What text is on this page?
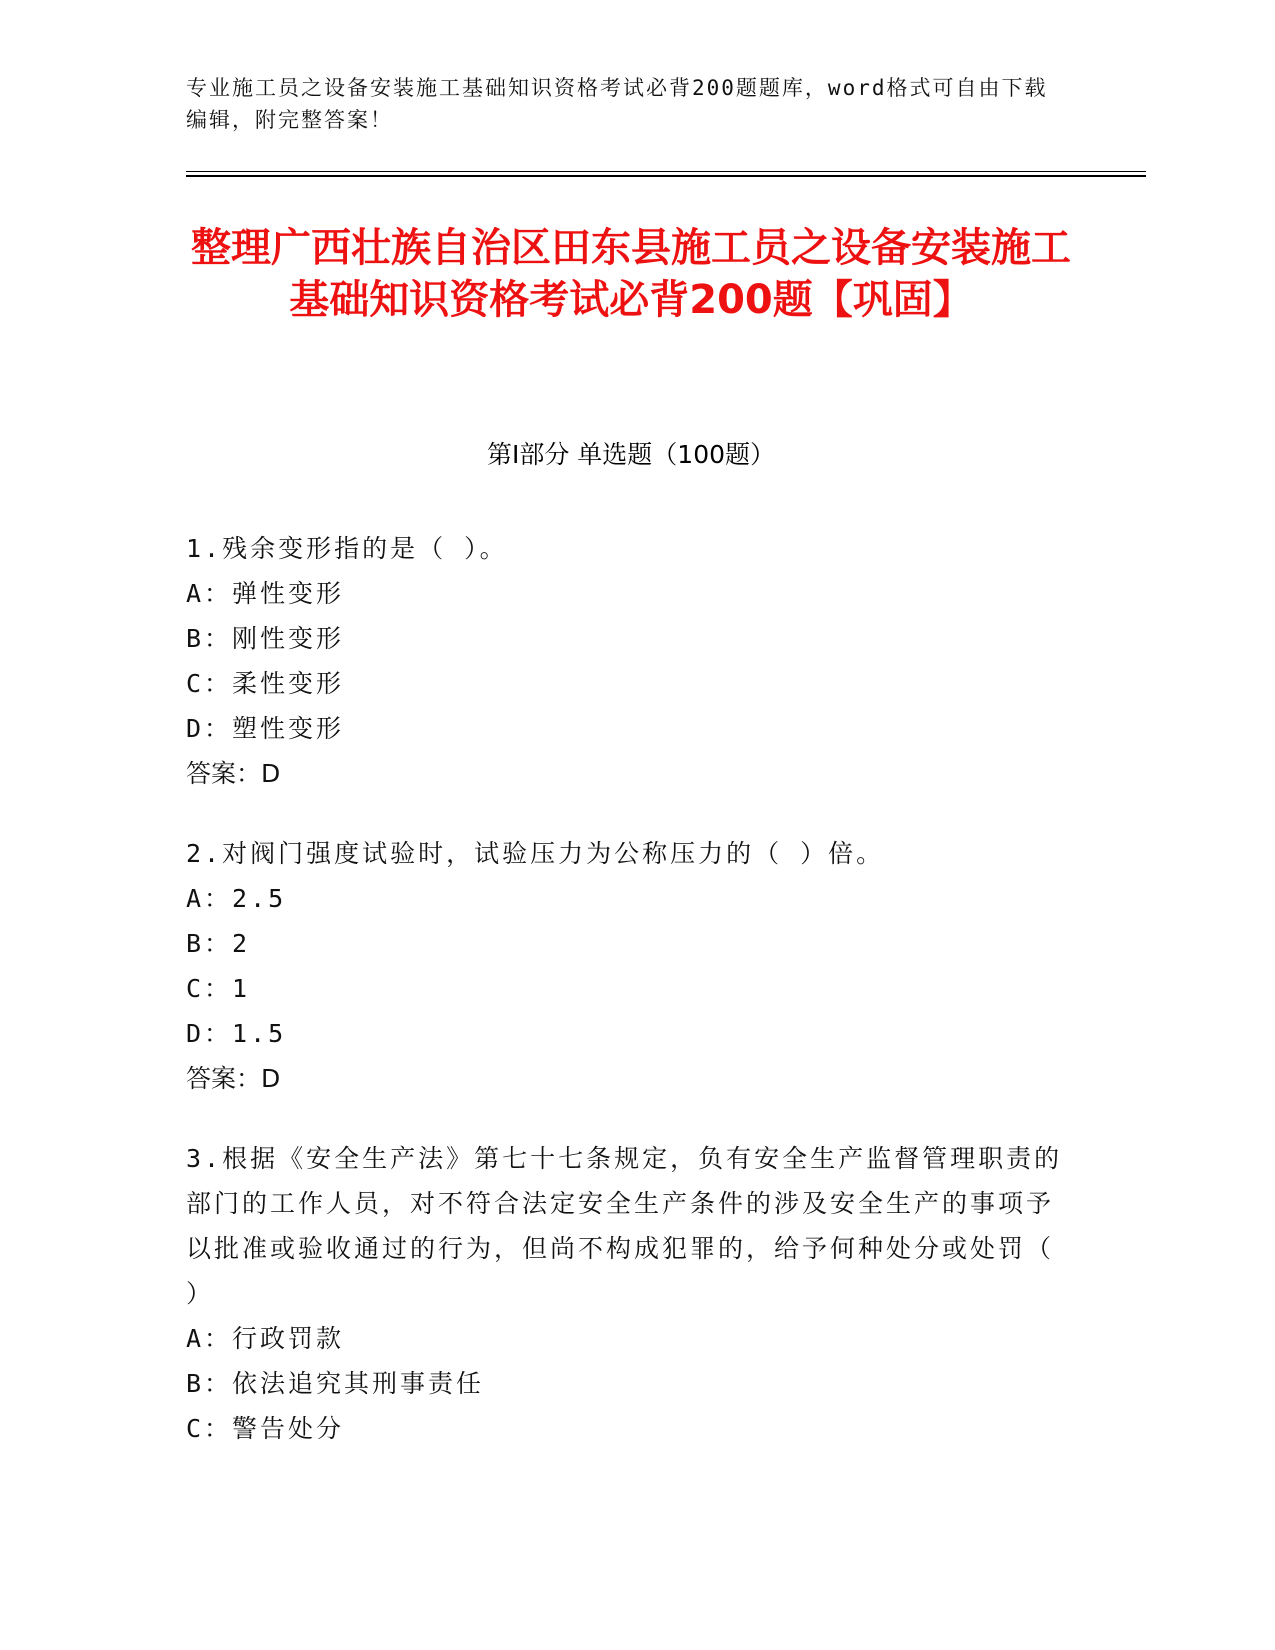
专业施工员之设备安装施工基础知识资格考试必背200题题库，word格式可自由下载编辑，附完整答案！
整理广西壮族自治区田东县施工员之设备安装施工基础知识资格考试必背200题【巩固】
第I部分 单选题（100题）
1.残余变形指的是（ ）。
A：弹性变形
B：刚性变形
C：柔性变形
D：塑性变形
答案：D
2.对阀门强度试验时，试验压力为公称压力的（ ）倍。
A：2.5
B：2
C：1
D：1.5
答案：D
3.根据《安全生产法》第七十七条规定，负有安全生产监督管理职责的部门的工作人员，对不符合法定安全生产条件的涉及安全生产的事项予以批准或验收通过的行为，但尚不构成犯罪的，给予何种处分或处罚（ ）
A：行政罚款
B：依法追究其刑事责任
C：警告处分
